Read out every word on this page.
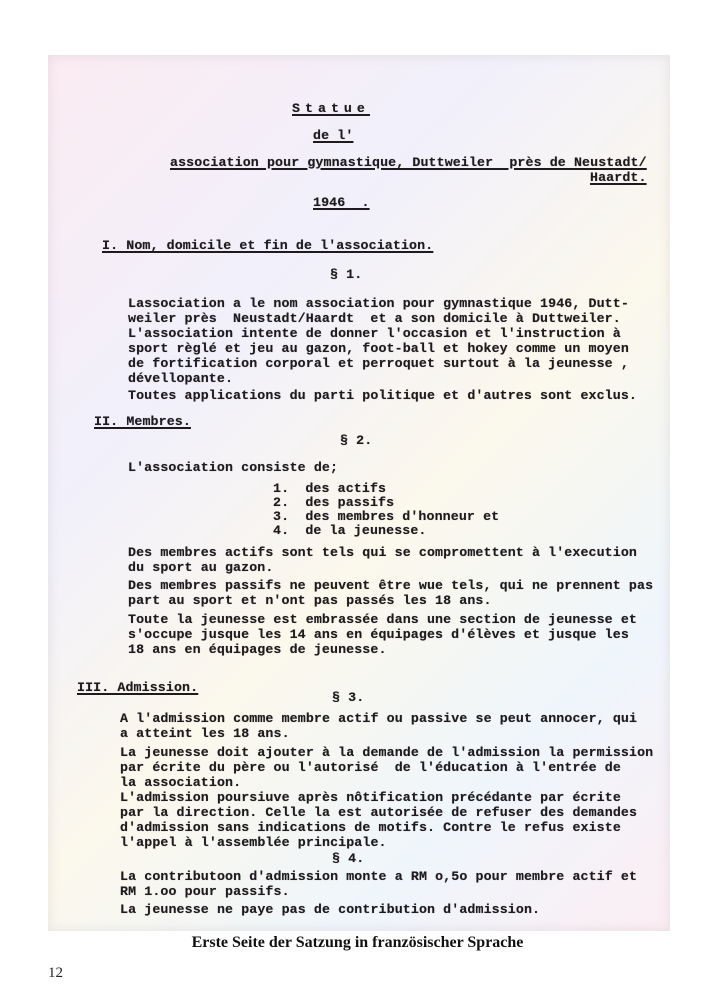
Statue
de l'
association pour gymnastique, Duttweiler  près de Neustadt/
Haardt.
1946  .
I. Nom, domicile et fin de l'association.
§ 1.
Lassociation a le nom association pour gymnastique 1946, Dutt-
weiler près  Neustadt/Haardt  et a son domicile à Duttweiler.
L'association intente de donner l'occasion et l'instruction à
sport règlé et jeu au gazon, foot-ball et hokey comme un moyen
de fortification corporal et perroquet surtout à la jeunesse ,
dévellopante.
Toutes applications du parti politique et d'autres sont exclus.
II. Membres.
§ 2.
L'association consiste de;
1.  des actifs
2.  des passifs
3.  des membres d'honneur et
4.  de la jeunesse.
Des membres actifs sont tels qui se compromettent à l'execution
du sport au gazon.
Des membres passifs ne peuvent être wue tels, qui ne prennent pas
part au sport et n'ont pas passés les 18 ans.
Toute la jeunesse est embrassée dans une section de jeunesse et
s'occupe jusque les 14 ans en équipages d'élèves et jusque les
18 ans en équipages de jeunesse.
III. Admission.
§ 3.
A l'admission comme membre actif ou passive se peut annocer, qui
a atteint les 18 ans.
La jeunesse doit ajouter à la demande de l'admission la permission
par écrite du père ou l'autorisé  de l'éducation à l'entrée de
la association.
L'admission poursiuve après nôtification précédante par écrite
par la direction. Celle la est autorisée de refuser des demandes
d'admission sans indications de motifs. Contre le refus existe
l'appel à l'assemblée principale.
§ 4.
La contributoon d'admission monte a RM o,5o pour membre actif et
RM 1.oo pour passifs.
La jeunesse ne paye pas de contribution d'admission.
Erste Seite der Satzung in französischer Sprache
12
